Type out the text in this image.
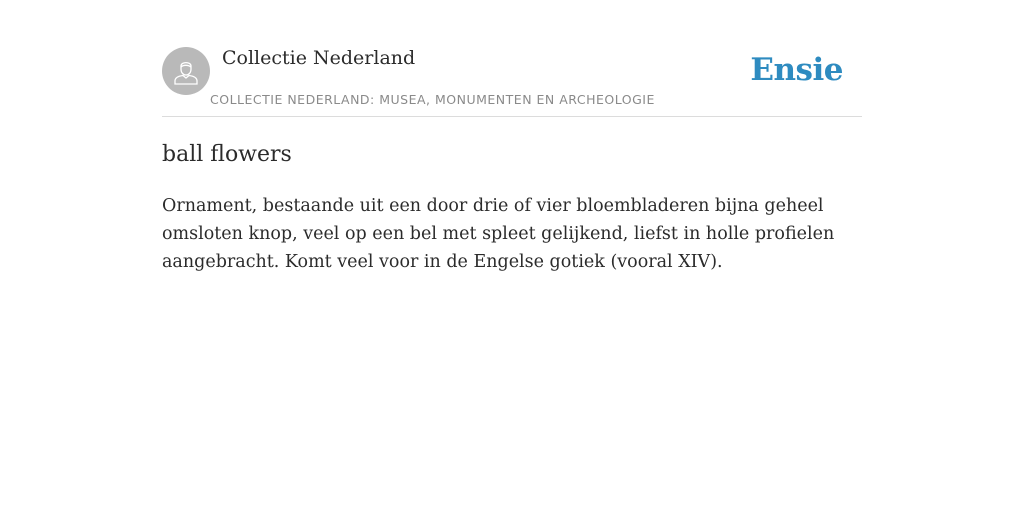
Collectie Nederland
COLLECTIE NEDERLAND: MUSEA, MONUMENTEN EN ARCHEOLOGIE
Ensie
ball flowers

Ornament, bestaande uit een door drie of vier bloembladeren bijna geheel omsloten knop, veel op een bel met spleet gelijkend, liefst in holle profielen aangebracht. Komt veel voor in de Engelse gotiek (vooral XIV).
